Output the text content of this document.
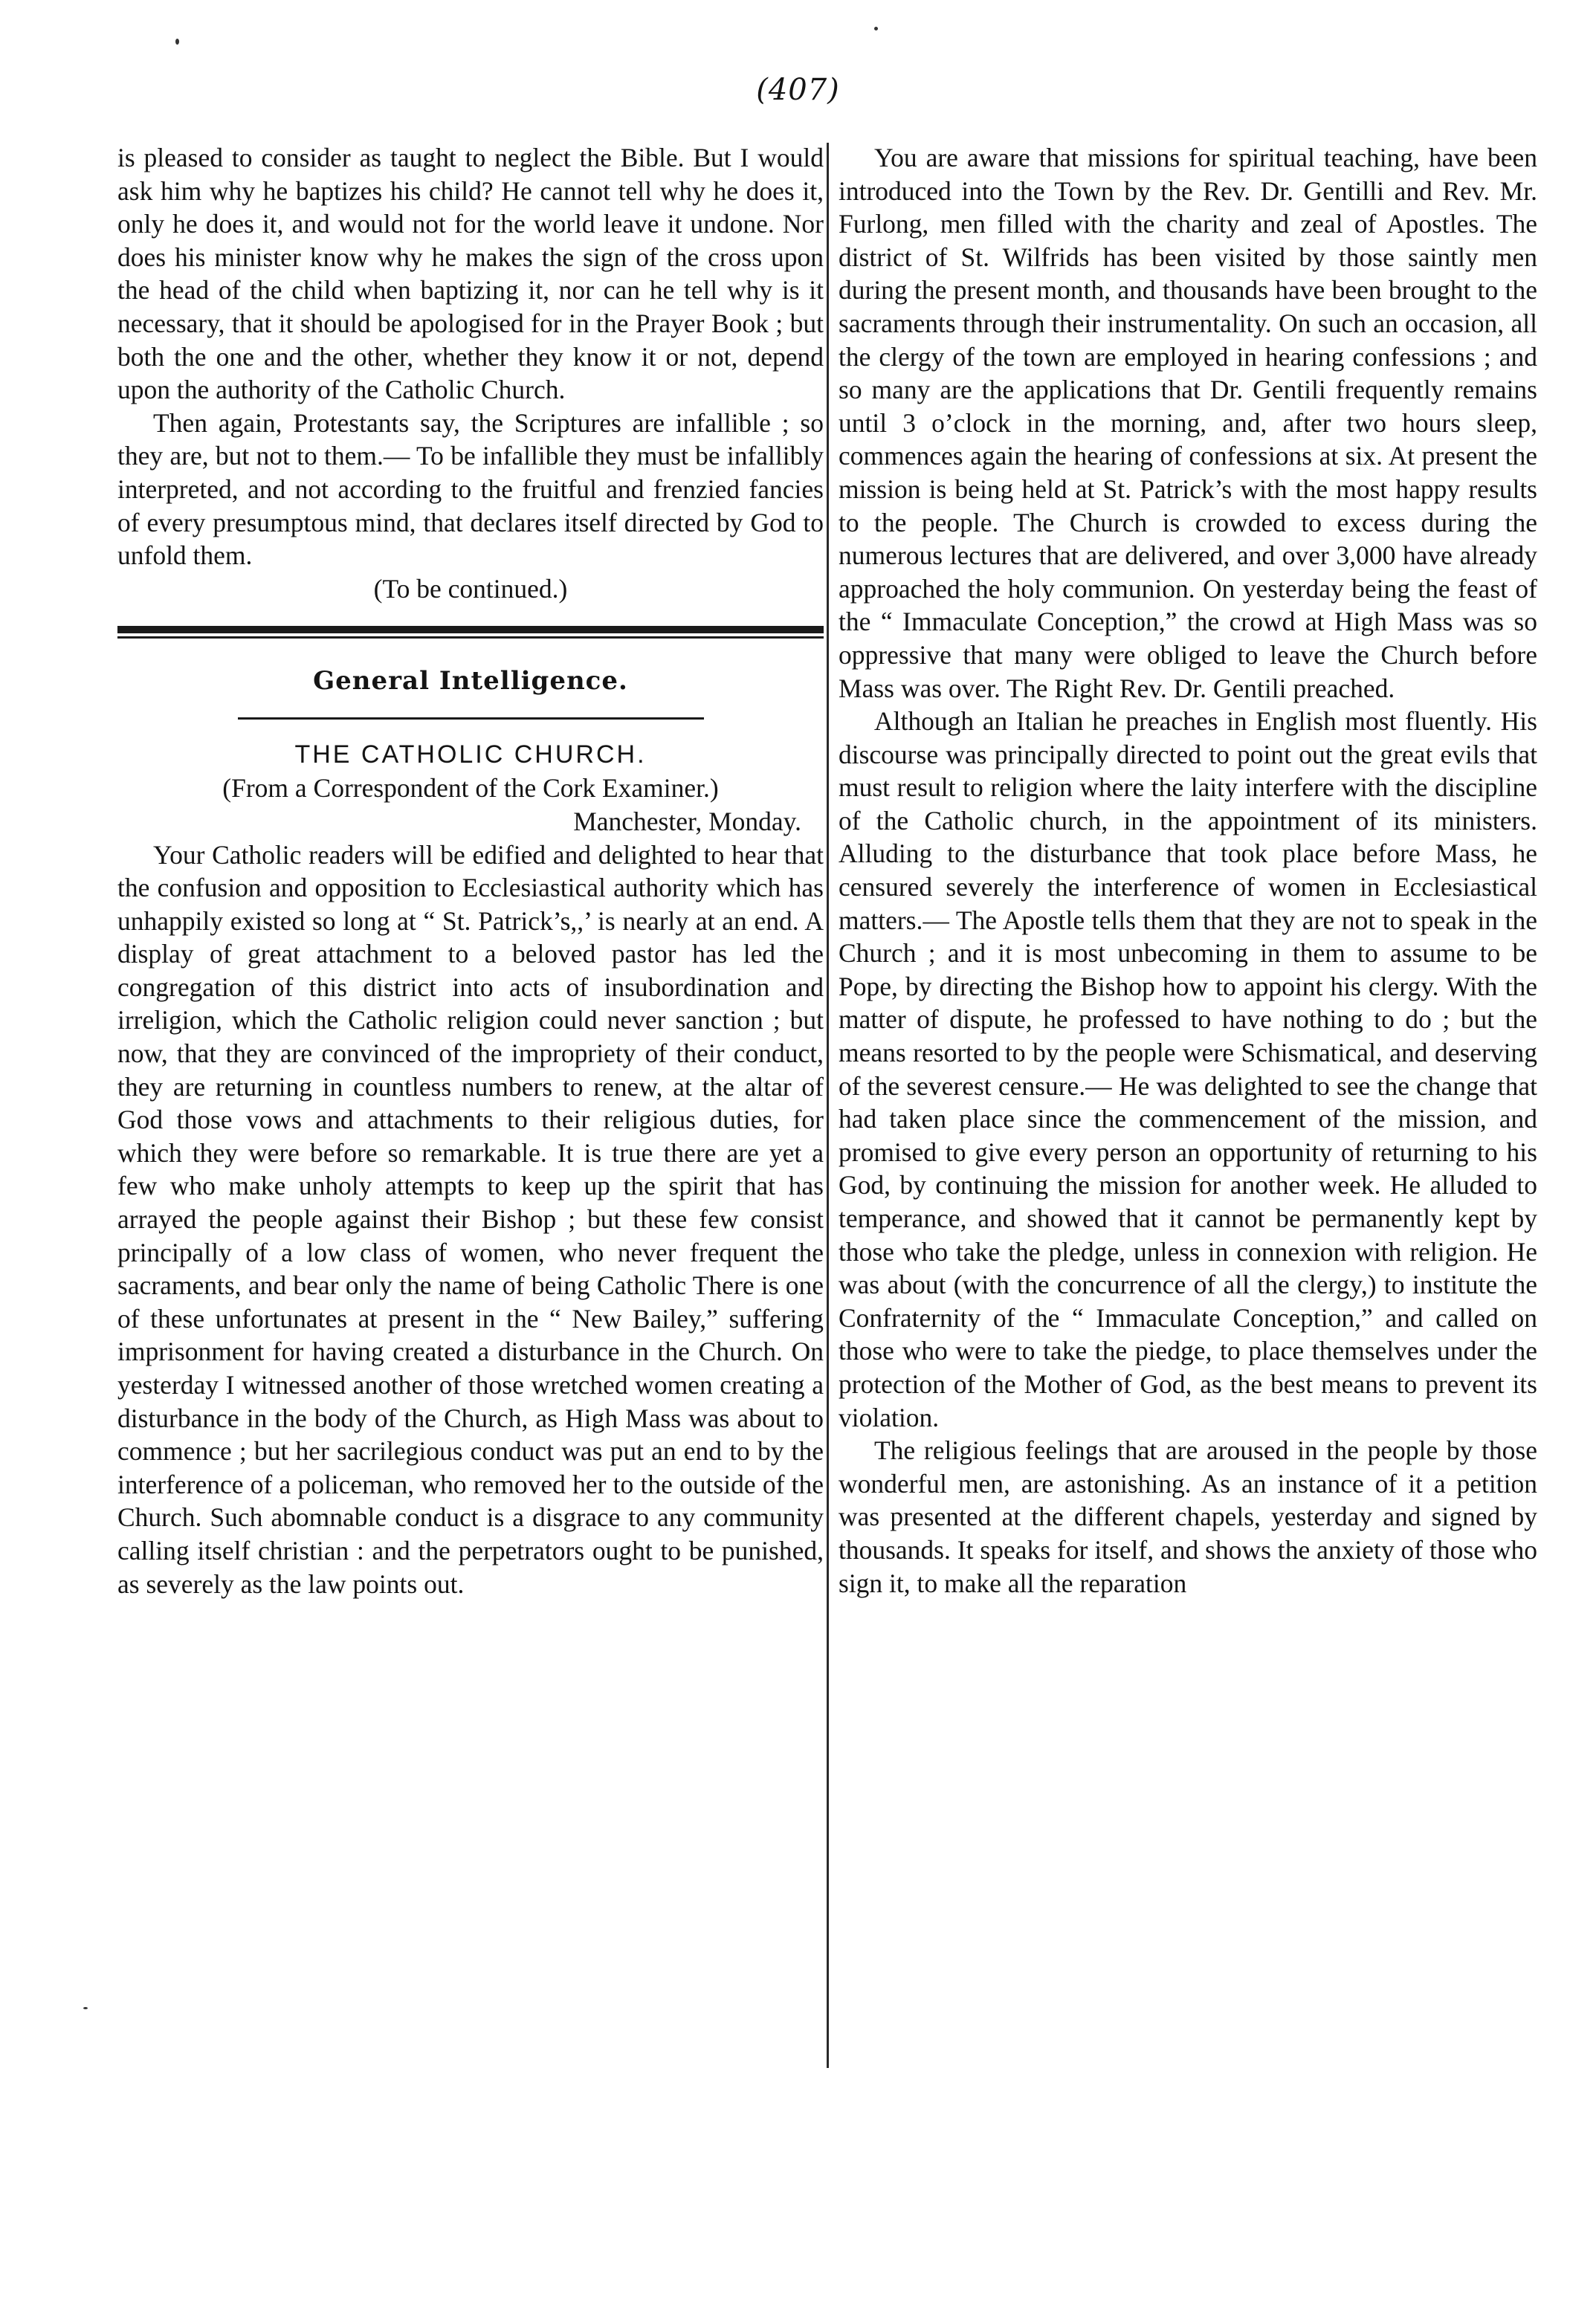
(407)

is pleased to consider as taught to neglect the Bible. But I would ask him why he baptizes his child? He cannot tell why he does it, only he does it, and would not for the world leave it undone. Nor does his minister know why he makes the sign of the cross upon the head of the child when baptizing it, nor can he tell why is it necessary, that it should be apologised for in the Prayer Book ; but both the one and the other, whether they know it or not, depend upon the authority of the Catholic Church.

Then again, Protestants say, the Scriptures are infallible ; so they are, but not to them.— To be infallible they must be infallibly interpreted, and not according to the fruitful and frenzied fancies of every presumptous mind, that declares itself directed by God to unfold them.

(To be continued.)

General Intelligence.
THE CATHOLIC CHURCH.

(From a Correspondent of the Cork Examiner.)

Manchester, Monday.

Your Catholic readers will be edified and delighted to hear that the confusion and opposition to Ecclesiastical authority which has unhappily existed so long at “ St. Patrick’s,,’ is nearly at an end. A display of great attachment to a beloved pastor has led the congregation of this district into acts of insubordination and irreligion, which the Catholic religion could never sanction ; but now, that they are convinced of the impropriety of their conduct, they are returning in countless numbers to renew, at the altar of God those vows and attachments to their religious duties, for which they were before so remarkable. It is true there are yet a few who make unholy attempts to keep up the spirit that has arrayed the people against their Bishop ; but these few consist principally of a low class of women, who never frequent the sacraments, and bear only the name of being Catholic There is one of these unfortunates at present in the “ New Bailey,” suffering imprisonment for having created a disturbance in the Church. On yesterday I witnessed another of those wretched women creating a disturbance in the body of the Church, as High Mass was about to commence ; but her sacrilegious conduct was put an end to by the interference of a policeman, who removed her to the outside of the Church. Such abomnable conduct is a disgrace to any community calling itself christian : and the perpetrators ought to be punished, as severely as the law points out.

You are aware that missions for spiritual teaching, have been introduced into the Town by the Rev. Dr. Gentilli and Rev. Mr. Furlong, men filled with the charity and zeal of Apostles. The district of St. Wilfrids has been visited by those saintly men during the present month, and thousands have been brought to the sacraments through their instrumentality. On such an occasion, all the clergy of the town are employed in hearing confessions ; and so many are the applications that Dr. Gentili frequently remains until 3 o’clock in the morning, and, after two hours sleep, commences again the hearing of confessions at six. At present the mission is being held at St. Patrick’s with the most happy results to the people. The Church is crowded to excess during the numerous lectures that are delivered, and over 3,000 have already approached the holy communion. On yesterday being the feast of the “ Immaculate Conception,” the crowd at High Mass was so oppressive that many were obliged to leave the Church before Mass was over. The Right Rev. Dr. Gentili preached.

Although an Italian he preaches in English most fluently. His discourse was principally directed to point out the great evils that must result to religion where the laity interfere with the discipline of the Catholic church, in the appointment of its ministers. Alluding to the disturbance that took place before Mass, he censured severely the interference of women in Ecclesiastical matters.— The Apostle tells them that they are not to speak in the Church ; and it is most unbecoming in them to assume to be Pope, by directing the Bishop how to appoint his clergy. With the matter of dispute, he professed to have nothing to do ; but the means resorted to by the people were Schismatical, and deserving of the severest censure.— He was delighted to see the change that had taken place since the commencement of the mission, and promised to give every person an opportunity of returning to his God, by continuing the mission for another week. He alluded to temperance, and showed that it cannot be permanently kept by those who take the pledge, unless in connexion with religion. He was about (with the concurrence of all the clergy,) to institute the Confraternity of the “ Immaculate Conception,” and called on those who were to take the piedge, to place themselves under the protection of the Mother of God, as the best means to prevent its violation.

The religious feelings that are aroused in the people by those wonderful men, are astonishing. As an instance of it a petition was presented at the different chapels, yesterday and signed by thousands. It speaks for itself, and shows the anxiety of those who sign it, to make all the reparation
